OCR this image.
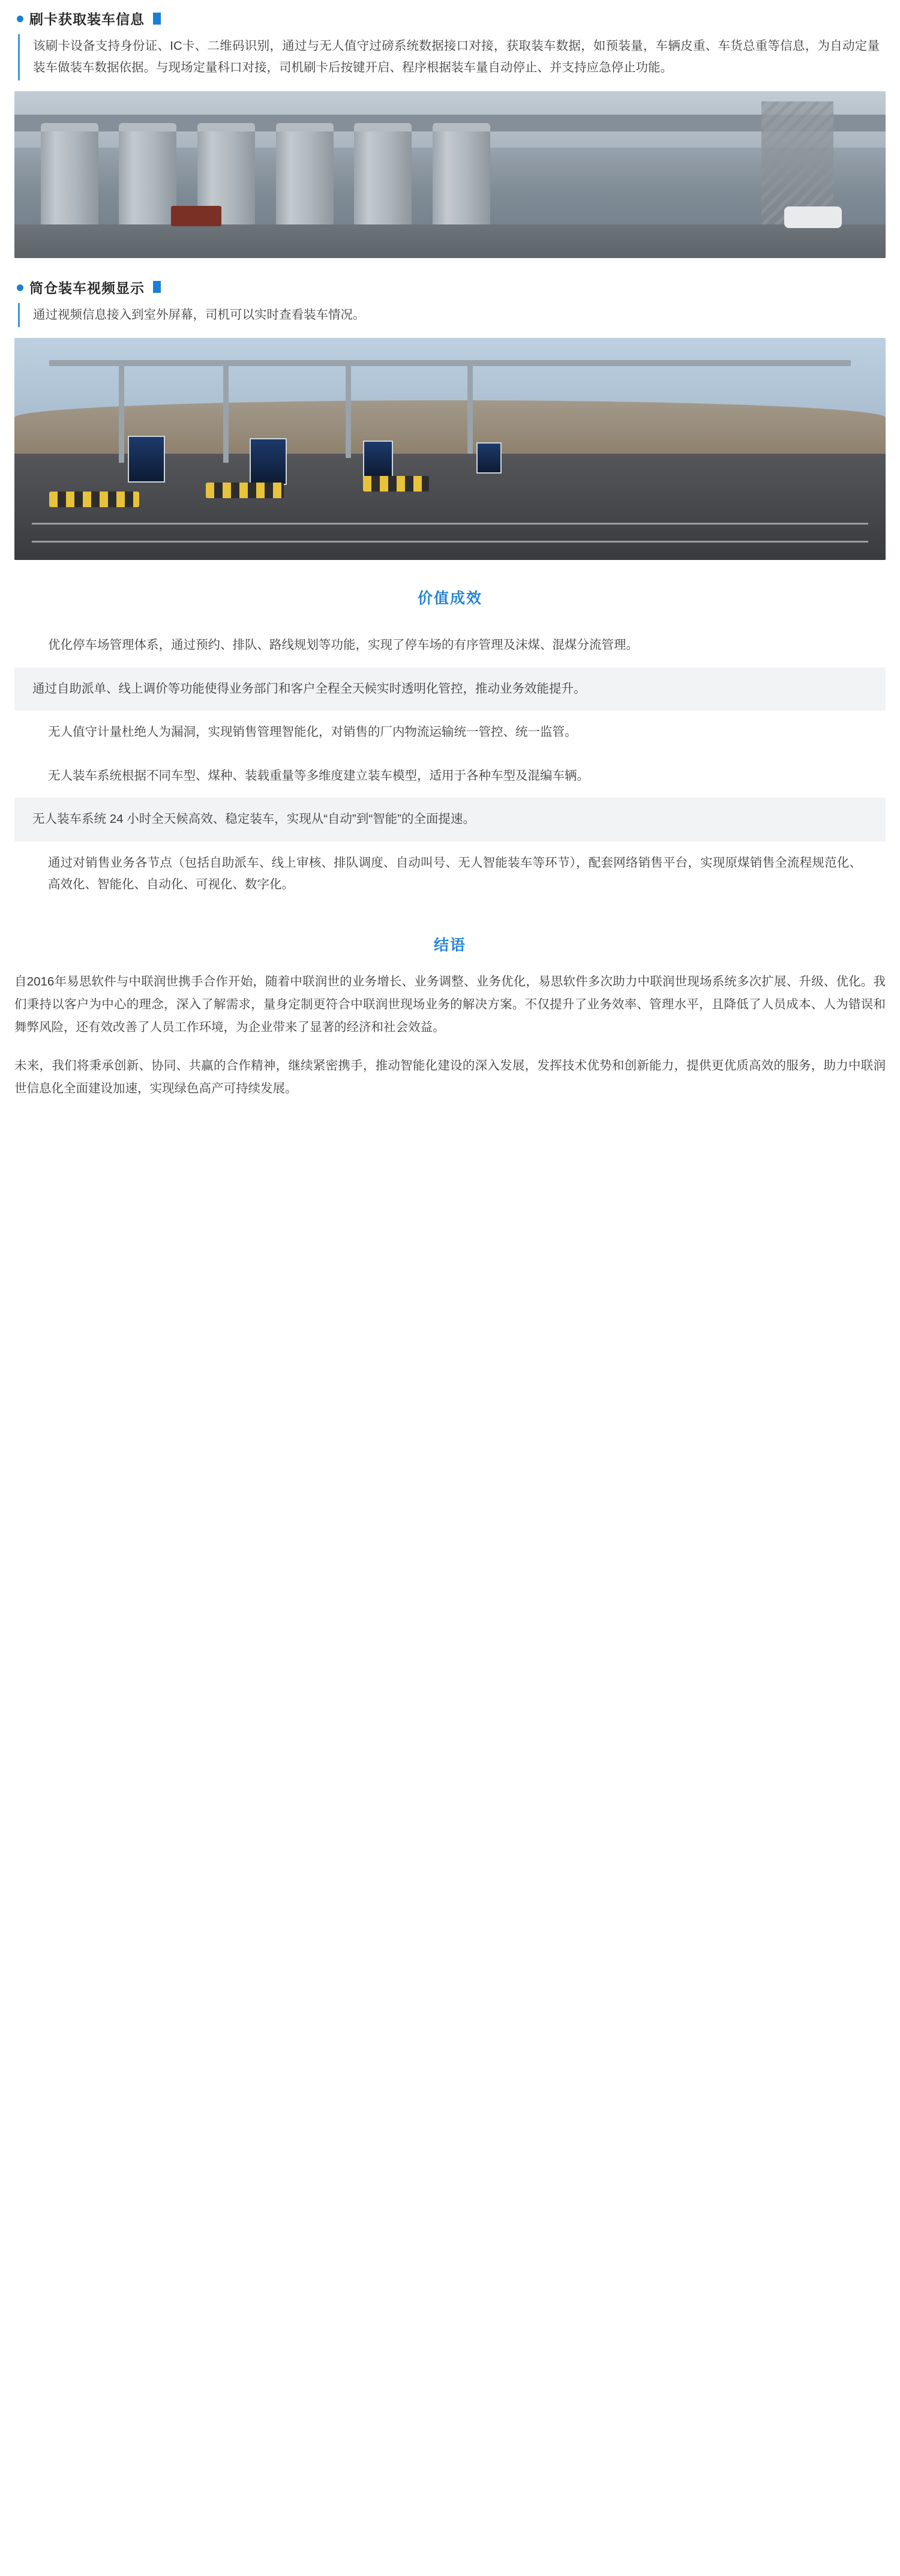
刷卡获取装车信息

该刷卡设备支持身份证、IC卡、二维码识别，通过与无人值守过磅系统数据接口对接，获取装车数据，如预装量，车辆皮重、车货总重等信息，为自动定量装车做装车数据依据。与现场定量科口对接，司机刷卡后按键开启、程序根据装车量自动停止、并支持应急停止功能。

筒仓装车视频显示

通过视频信息接入到室外屏幕，司机可以实时查看装车情况。

价值成效
优化停车场管理体系，通过预约、排队、路线规划等功能，实现了停车场的有序管理及沫煤、混煤分流管理。
通过自助派单、线上调价等功能使得业务部门和客户全程全天候实时透明化管控，推动业务效能提升。
无人值守计量杜绝人为漏洞，实现销售管理智能化，对销售的厂内物流运输统一管控、统一监管。
无人装车系统根据不同车型、煤种、装载重量等多维度建立装车模型，适用于各种车型及混编车辆。
无人装车系统 24 小时全天候高效、稳定装车，实现从“自动”到“智能”的全面提速。
通过对销售业务各节点（包括自助派车、线上审核、排队调度、自动叫号、无人智能装车等环节），配套网络销售平台，实现原煤销售全流程规范化、高效化、智能化、自动化、可视化、数字化。
结语

自2016年易思软件与中联润世携手合作开始，随着中联润世的业务增长、业务调整、业务优化，易思软件多次助力中联润世现场系统多次扩展、升级、优化。我们秉持以客户为中心的理念，深入了解需求，量身定制更符合中联润世现场业务的解决方案。不仅提升了业务效率、管理水平，且降低了人员成本、人为错误和舞弊风险，还有效改善了人员工作环境，为企业带来了显著的经济和社会效益。

未来，我们将秉承创新、协同、共赢的合作精神，继续紧密携手，推动智能化建设的深入发展，发挥技术优势和创新能力，提供更优质高效的服务，助力中联润世信息化全面建设加速，实现绿色高产可持续发展。
